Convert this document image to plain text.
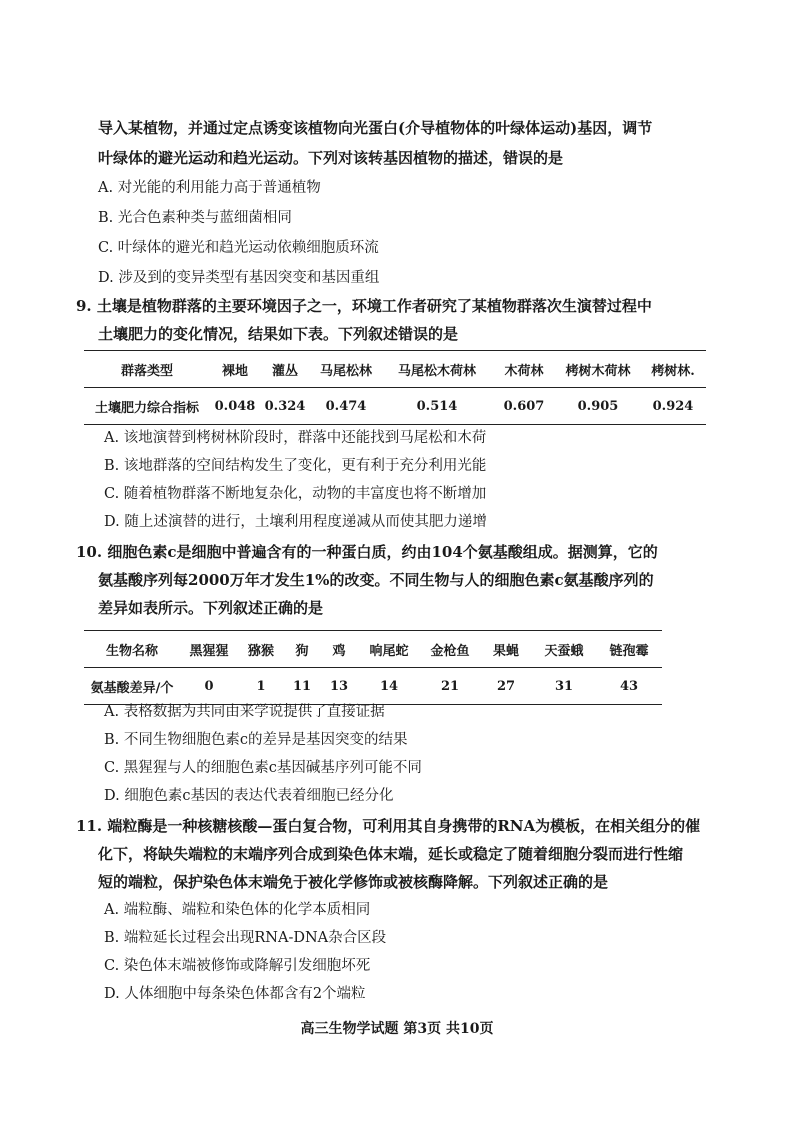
导入某植物，并通过定点诱变该植物向光蛋白(介导植物体的叶绿体运动)基因，调节
叶绿体的避光运动和趋光运动。下列对该转基因植物的描述，错误的是
A. 对光能的利用能力高于普通植物
B. 光合色素种类与蓝细菌相同
C. 叶绿体的避光和趋光运动依赖细胞质环流
D. 涉及到的变异类型有基因突变和基因重组
9. 土壤是植物群落的主要环境因子之一，环境工作者研究了某植物群落次生演替过程中
土壤肥力的变化情况，结果如下表。下列叙述错误的是
群落类型	裸地	灌丛	马尾松林	马尾松木荷林	木荷林	栲树木荷林	栲树林.
土壤肥力综合指标	0.048	0.324	0.474	0.514	0.607	0.905	0.924
A. 该地演替到栲树林阶段时，群落中还能找到马尾松和木荷
B. 该地群落的空间结构发生了变化，更有利于充分利用光能
C. 随着植物群落不断地复杂化，动物的丰富度也将不断增加
D. 随上述演替的进行，土壤利用程度递减从而使其肥力递增
10. 细胞色素c是细胞中普遍含有的一种蛋白质，约由104个氨基酸组成。据测算，它的
氨基酸序列每2000万年才发生1%的改变。不同生物与人的细胞色素c氨基酸序列的
差异如表所示。下列叙述正确的是
生物名称	黑猩猩	猕猴	狗	鸡	响尾蛇	金枪鱼	果蝇	天蚕蛾	链孢霉
氨基酸差异/个	0	1	11	13	14	21	27	31	43
A. 表格数据为共同由来学说提供了直接证据
B. 不同生物细胞色素c的差异是基因突变的结果
C. 黑猩猩与人的细胞色素c基因碱基序列可能不同
D. 细胞色素c基因的表达代表着细胞已经分化
11. 端粒酶是一种核糖核酸—蛋白复合物，可利用其自身携带的RNA为模板，在相关组分的催
化下，将缺失端粒的末端序列合成到染色体末端，延长或稳定了随着细胞分裂而进行性缩
短的端粒，保护染色体末端免于被化学修饰或被核酶降解。下列叙述正确的是
A. 端粒酶、端粒和染色体的化学本质相同
B. 端粒延长过程会出现RNA-DNA杂合区段
C. 染色体末端被修饰或降解引发细胞坏死
D. 人体细胞中每条染色体都含有2个端粒
高三生物学试题 第3页 共10页
